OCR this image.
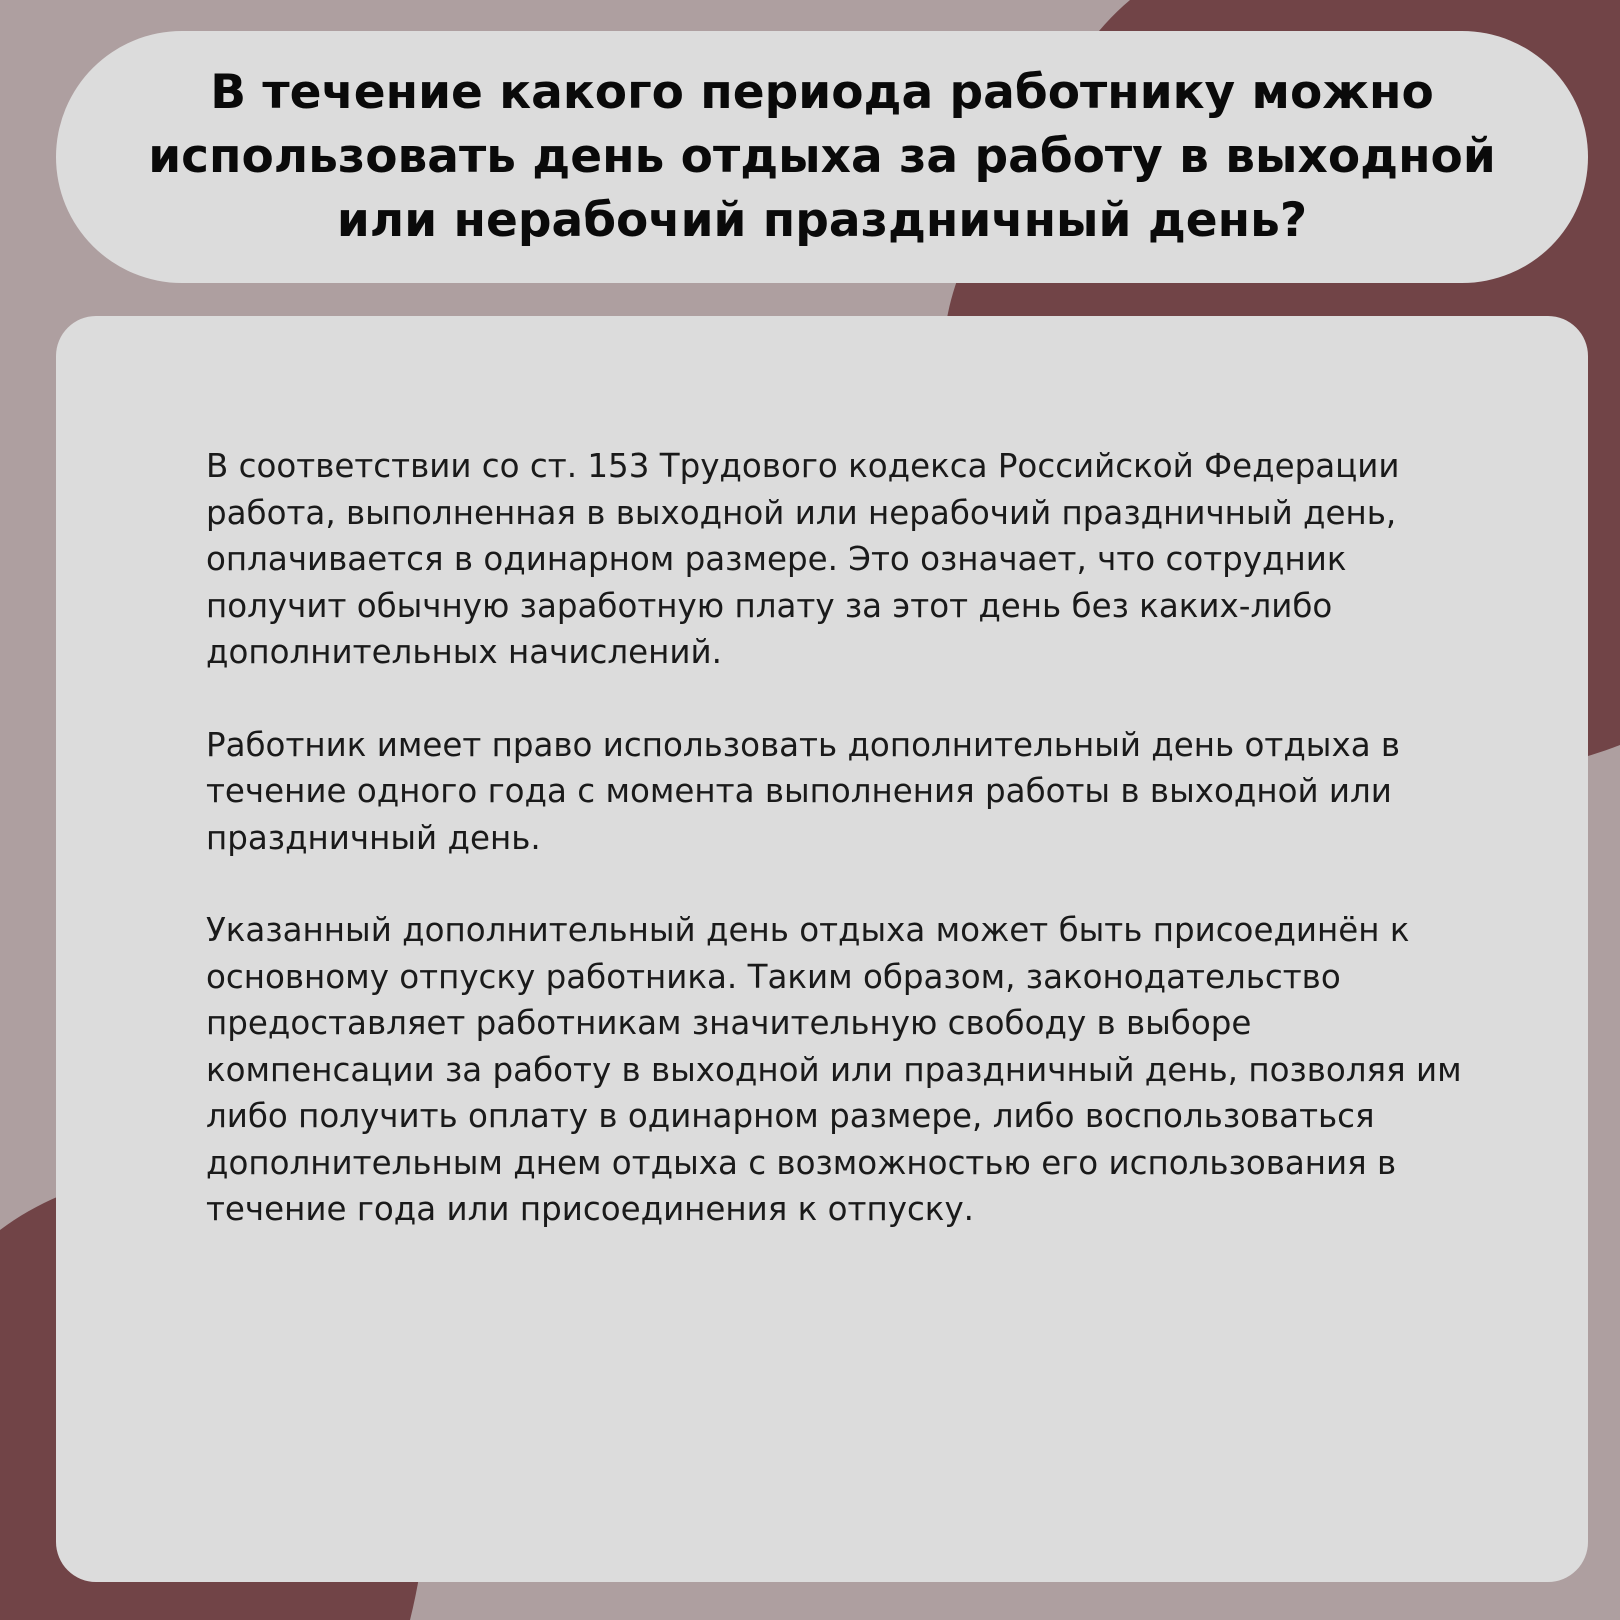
В течение какого периода работнику можно использовать день отдыха за работу в выходной или нерабочий праздничный день?

В соответствии со ст. 153 Трудового кодекса Российской Федерации работа, выполненная в выходной или нерабочий праздничный день, оплачивается в одинарном размере. Это означает, что сотрудник получит обычную заработную плату за этот день без каких-либо дополнительных начислений.

Работник имеет право использовать дополнительный день отдыха в течение одного года с момента выполнения работы в выходной или праздничный день.

Указанный дополнительный день отдыха может быть присоединён к основному отпуску работника. Таким образом, законодательство предоставляет работникам значительную свободу в выборе компенсации за работу в выходной или праздничный день, позволяя им либо получить оплату в одинарном размере, либо воспользоваться дополнительным днем отдыха с возможностью его использования в течение года или присоединения к отпуску.
